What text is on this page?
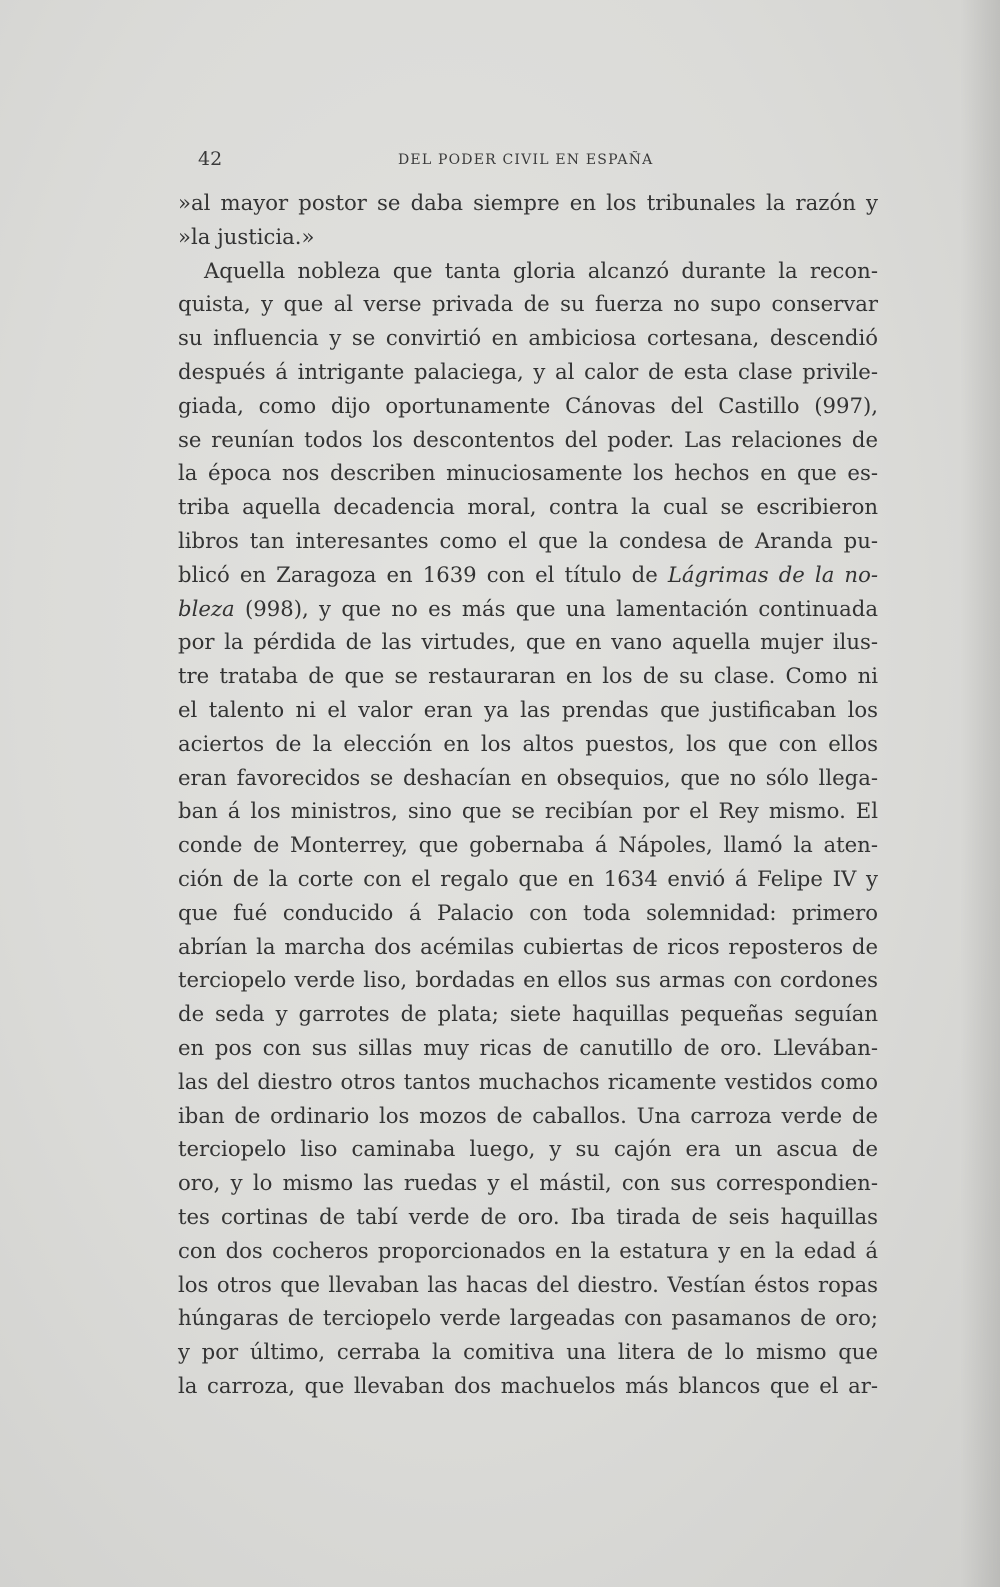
42	DEL PODER CIVIL EN ESPAÑA
»al mayor postor se daba siempre en los tribunales la razón y
»la justicia.»
Aquella nobleza que tanta gloria alcanzó durante la recon-
quista, y que al verse privada de su fuerza no supo conservar
su influencia y se convirtió en ambiciosa cortesana, descendió
después á intrigante palaciega, y al calor de esta clase privile-
giada, como dijo oportunamente Cánovas del Castillo (997),
se reunían todos los descontentos del poder. Las relaciones de
la época nos describen minuciosamente los hechos en que es-
triba aquella decadencia moral, contra la cual se escribieron
libros tan interesantes como el que la condesa de Aranda pu-
blicó en Zaragoza en 1639 con el título de Lágrimas de la no-
bleza (998), y que no es más que una lamentación continuada
por la pérdida de las virtudes, que en vano aquella mujer ilus-
tre trataba de que se restauraran en los de su clase. Como ni
el talento ni el valor eran ya las prendas que justificaban los
aciertos de la elección en los altos puestos, los que con ellos
eran favorecidos se deshacían en obsequios, que no sólo llega-
ban á los ministros, sino que se recibían por el Rey mismo. El
conde de Monterrey, que gobernaba á Nápoles, llamó la aten-
ción de la corte con el regalo que en 1634 envió á Felipe IV y
que fué conducido á Palacio con toda solemnidad: primero
abrían la marcha dos acémilas cubiertas de ricos reposteros de
terciopelo verde liso, bordadas en ellos sus armas con cordones
de seda y garrotes de plata; siete haquillas pequeñas seguían
en pos con sus sillas muy ricas de canutillo de oro. Llevában-
las del diestro otros tantos muchachos ricamente vestidos como
iban de ordinario los mozos de caballos. Una carroza verde de
terciopelo liso caminaba luego, y su cajón era un ascua de
oro, y lo mismo las ruedas y el mástil, con sus correspondien-
tes cortinas de tabí verde de oro. Iba tirada de seis haquillas
con dos cocheros proporcionados en la estatura y en la edad á
los otros que llevaban las hacas del diestro. Vestían éstos ropas
húngaras de terciopelo verde largeadas con pasamanos de oro;
y por último, cerraba la comitiva una litera de lo mismo que
la carroza, que llevaban dos machuelos más blancos que el ar-
